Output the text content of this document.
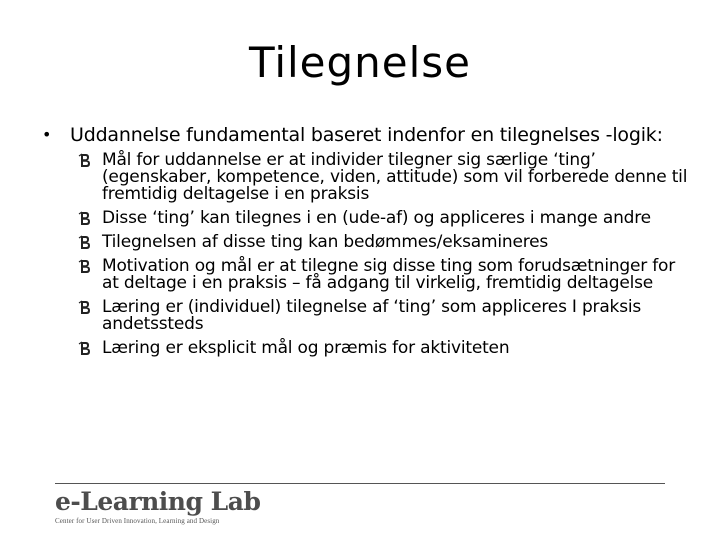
Tilegnelse
• Uddannelse fundamental baseret indenfor en tilegnelses -logik:
Mål for uddannelse er at individer tilegner sig særlige ‘ting’ (egenskaber, kompetence, viden, attitude) som vil forberede denne til fremtidig deltagelse i en praksis
Disse ‘ting’ kan tilegnes i en (ude-af) og appliceres i mange andre
Tilegnelsen af disse ting kan bedømmes/eksamineres
Motivation og mål er at tilegne sig disse ting som forudsætninger for at deltage i en praksis – få adgang til virkelig, fremtidig deltagelse
Læring er (individuel) tilegnelse af ‘ting’ som appliceres I praksis andetssteds
Læring er eksplicit mål og præmis for aktiviteten
e-Learning Lab
Center for User Driven Innovation, Learning and Design
